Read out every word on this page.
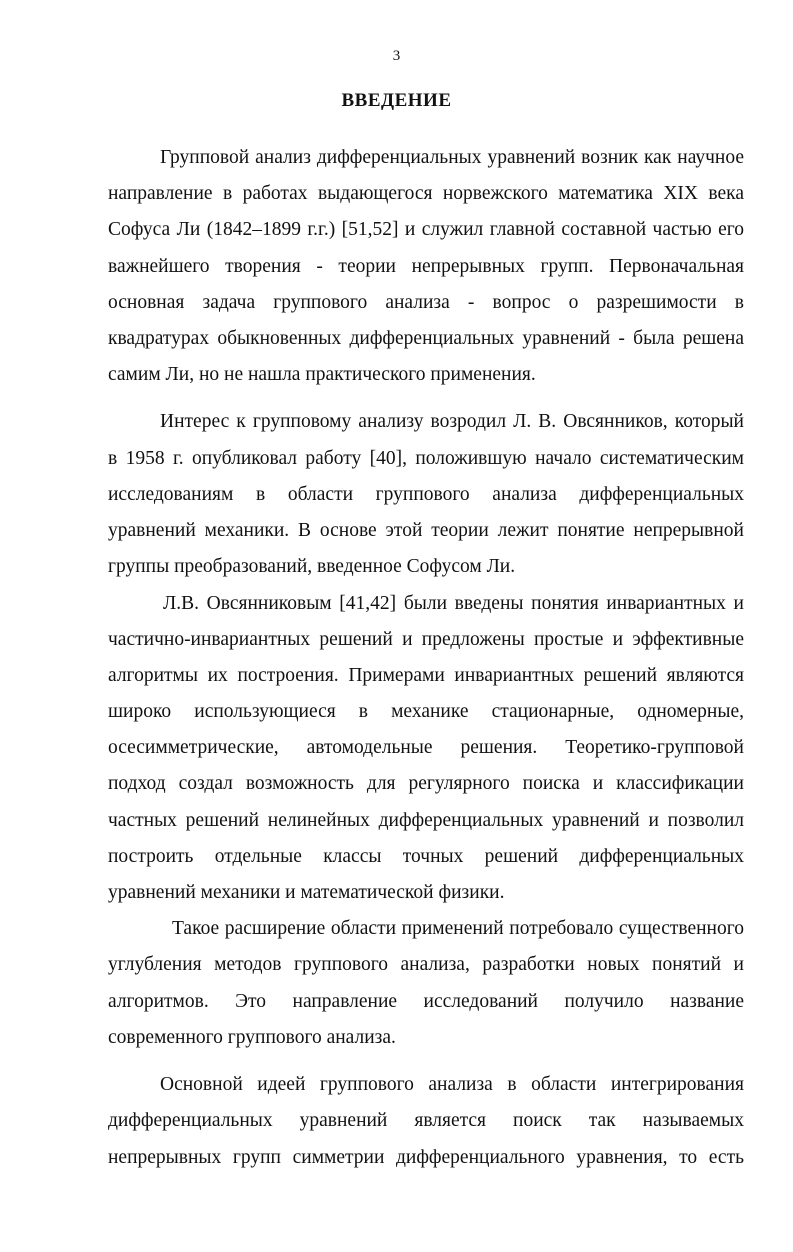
3
ВВЕДЕНИЕ
Групповой анализ дифференциальных уравнений возник как научное
направление в работах выдающегося норвежского математика XIX века
Софуса Ли (1842–1899 г.г.) [51,52] и служил главной составной частью его
важнейшего творения - теории непрерывных групп. Первоначальная
основная задача группового анализа - вопрос о разрешимости в
квадратурах обыкновенных дифференциальных уравнений - была решена
самим Ли, но не нашла практического применения.
Интерес к групповому анализу возродил Л. В. Овсянников, который
в 1958 г. опубликовал работу [40], положившую начало систематическим
исследованиям в области группового анализа дифференциальных
уравнений механики. В основе этой теории лежит понятие непрерывной
группы преобразований, введенное Софусом Ли.
Л.В. Овсянниковым [41,42] были введены понятия инвариантных и
частично-инвариантных решений и предложены простые и эффективные
алгоритмы их построения. Примерами инвариантных решений являются
широко использующиеся в механике стационарные, одномерные,
осесимметрические, автомодельные решения. Теоретико-групповой
подход создал возможность для регулярного поиска и классификации
частных решений нелинейных дифференциальных уравнений и позволил
построить отдельные классы точных решений дифференциальных
уравнений механики и математической физики.
Такое расширение области применений потребовало существенного
углубления методов группового анализа, разработки новых понятий и
алгоритмов. Это направление исследований получило название
современного группового анализа.
Основной идеей группового анализа в области интегрирования
дифференциальных уравнений является поиск так называемых
непрерывных групп симметрии дифференциального уравнения, то есть
